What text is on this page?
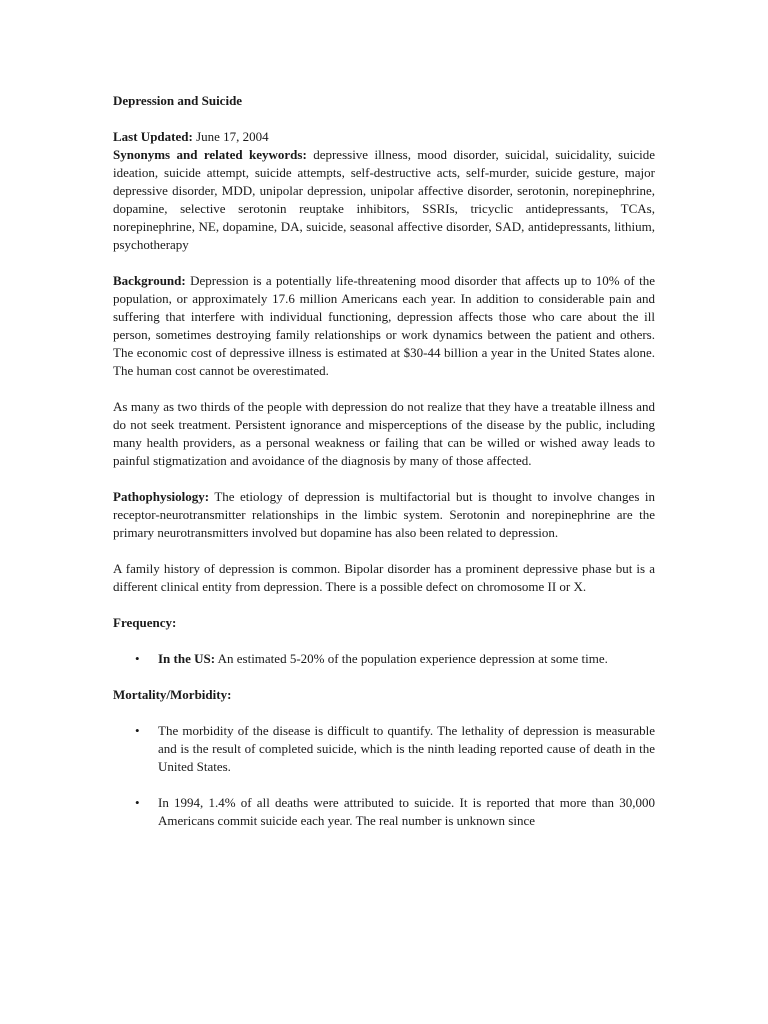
Depression and Suicide

Last Updated: June 17, 2004

Synonyms and related keywords: depressive illness, mood disorder, suicidal, suicidality, suicide ideation, suicide attempt, suicide attempts, self-destructive acts, self-murder, suicide gesture, major depressive disorder, MDD, unipolar depression, unipolar affective disorder, serotonin, norepinephrine, dopamine, selective serotonin reuptake inhibitors, SSRIs, tricyclic antidepressants, TCAs, norepinephrine, NE, dopamine, DA, suicide, seasonal affective disorder, SAD, antidepressants, lithium, psychotherapy

Background: Depression is a potentially life-threatening mood disorder that affects up to 10% of the population, or approximately 17.6 million Americans each year. In addition to considerable pain and suffering that interfere with individual functioning, depression affects those who care about the ill person, sometimes destroying family relationships or work dynamics between the patient and others. The economic cost of depressive illness is estimated at $30-44 billion a year in the United States alone. The human cost cannot be overestimated.

As many as two thirds of the people with depression do not realize that they have a treatable illness and do not seek treatment. Persistent ignorance and misperceptions of the disease by the public, including many health providers, as a personal weakness or failing that can be willed or wished away leads to painful stigmatization and avoidance of the diagnosis by many of those affected.

Pathophysiology: The etiology of depression is multifactorial but is thought to involve changes in receptor-neurotransmitter relationships in the limbic system. Serotonin and norepinephrine are the primary neurotransmitters involved but dopamine has also been related to depression.

A family history of depression is common. Bipolar disorder has a prominent depressive phase but is a different clinical entity from depression. There is a possible defect on chromosome II or X.

Frequency:
• In the US: An estimated 5-20% of the population experience depression at some time.
Mortality/Morbidity:
• The morbidity of the disease is difficult to quantify. The lethality of depression is measurable and is the result of completed suicide, which is the ninth leading reported cause of death in the United States.
• In 1994, 1.4% of all deaths were attributed to suicide. It is reported that more than 30,000 Americans commit suicide each year. The real number is unknown since
